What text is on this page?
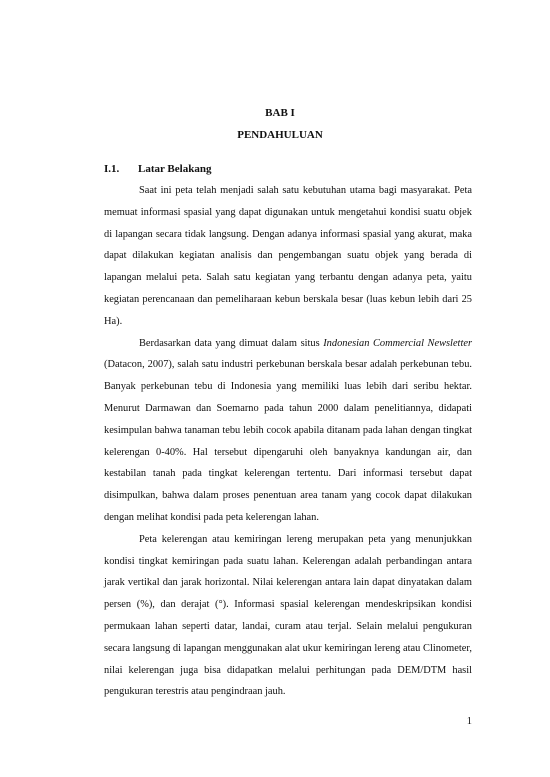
BAB I
PENDAHULUAN
I.1. Latar Belakang

Saat ini peta telah menjadi salah satu kebutuhan utama bagi masyarakat. Peta memuat informasi spasial yang dapat digunakan untuk mengetahui kondisi suatu objek di lapangan secara tidak langsung. Dengan adanya informasi spasial yang akurat, maka dapat dilakukan kegiatan analisis dan pengembangan suatu objek yang berada di lapangan melalui peta. Salah satu kegiatan yang terbantu dengan adanya peta, yaitu kegiatan perencanaan dan pemeliharaan kebun berskala besar (luas kebun lebih dari 25 Ha).

Berdasarkan data yang dimuat dalam situs Indonesian Commercial Newsletter (Datacon, 2007), salah satu industri perkebunan berskala besar adalah perkebunan tebu. Banyak perkebunan tebu di Indonesia yang memiliki luas lebih dari seribu hektar. Menurut Darmawan dan Soemarno pada tahun 2000 dalam penelitiannya, didapati kesimpulan bahwa tanaman tebu lebih cocok apabila ditanam pada lahan dengan tingkat kelerengan 0-40%. Hal tersebut dipengaruhi oleh banyaknya kandungan air, dan kestabilan tanah pada tingkat kelerengan tertentu. Dari informasi tersebut dapat disimpulkan, bahwa dalam proses penentuan area tanam yang cocok dapat dilakukan dengan melihat kondisi pada peta kelerengan lahan.

Peta kelerengan atau kemiringan lereng merupakan peta yang menunjukkan kondisi tingkat kemiringan pada suatu lahan. Kelerengan adalah perbandingan antara jarak vertikal dan jarak horizontal. Nilai kelerengan antara lain dapat dinyatakan dalam persen (%), dan derajat (°). Informasi spasial kelerengan mendeskripsikan kondisi permukaan lahan seperti datar, landai, curam atau terjal. Selain melalui pengukuran secara langsung di lapangan menggunakan alat ukur kemiringan lereng atau Clinometer, nilai kelerengan juga bisa didapatkan melalui perhitungan pada DEM/DTM hasil pengukuran terestris atau pengindraan jauh.

1
